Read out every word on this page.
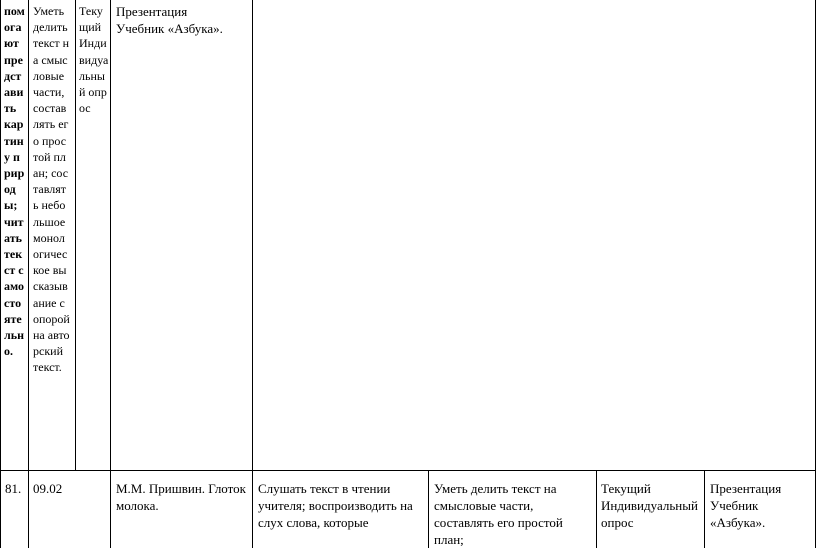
помогают представить картину природы; читать текст самостоятельно.
Уметь делить текст на смысловые части, составлять его простой план; составлять небольшое монологическое высказывание с опорой на авторский текст.
Текущий Индивидуальный опрос
Презентация
Учебник «Азбука».
81. 09.02	М.М. Пришвин. Глоток молока.
Слушать текст в чтении учителя; воспроизводить на слух слова, которые
Уметь делить текст на смысловые части, составлять его простой план;
Текущий Индивидуальный опрос
Презентация Учебник «Азбука».
